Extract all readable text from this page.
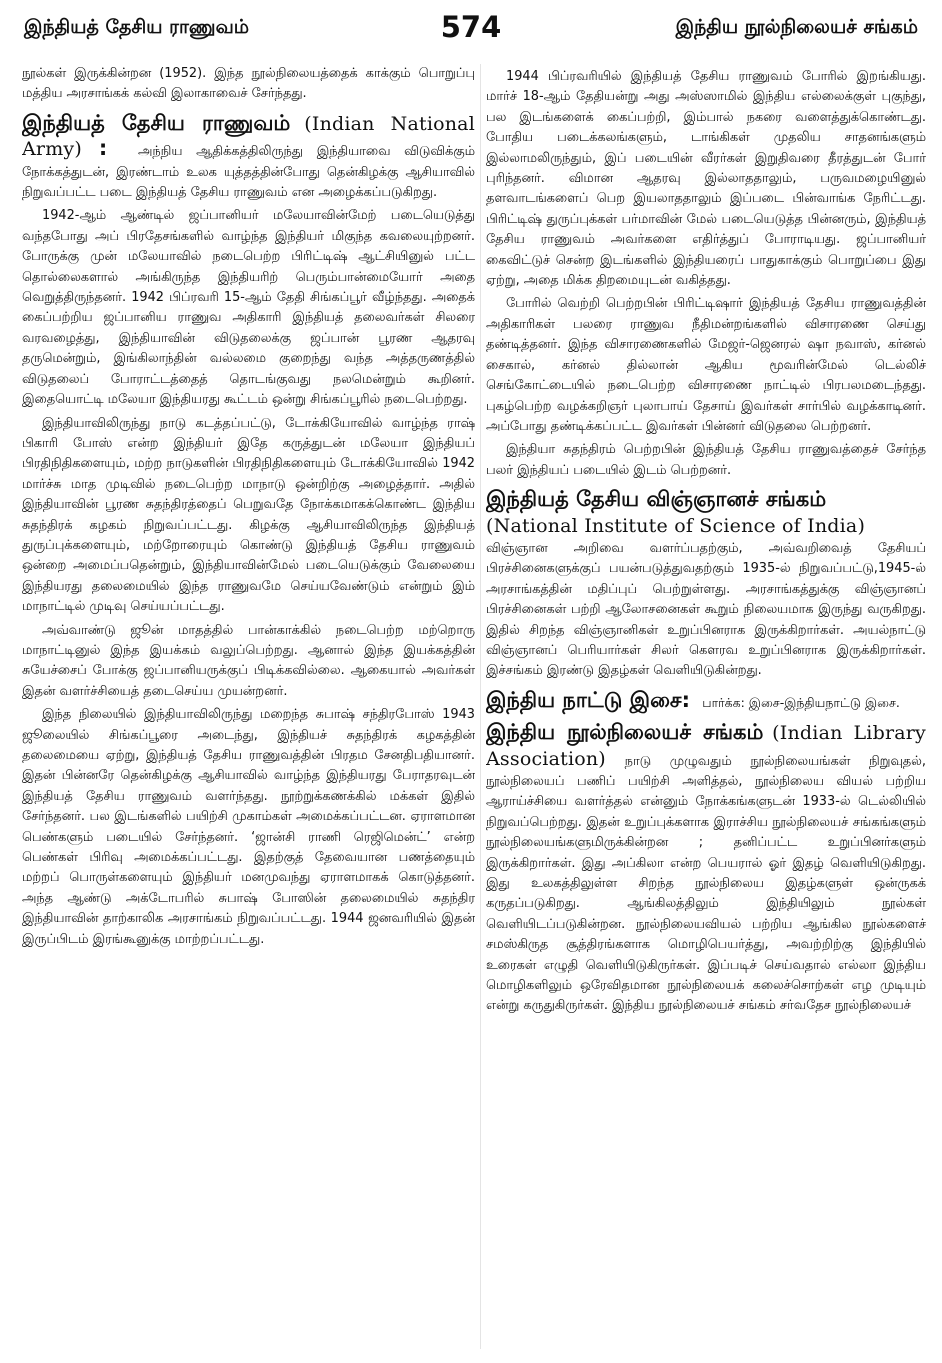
இந்தியத் தேசிய ராணுவம்	574	இந்திய நூல்நிலையச் சங்கம்

நூல்கள் இருக்கின்றன (1952). இந்த நூல்நிலையத்தைக் காக்கும் பொறுப்பு மத்திய அரசாங்கக் கல்வி இலாகாவைச் சேர்ந்தது.

இந்தியத் தேசிய ராணுவம் (Indian National Army) :  அந்நிய ஆதிக்கத்திலிருந்து இந்தியாவை விடுவிக்கும் நோக்கத்துடன், இரண்டாம் உலக யுத்தத்தின்போது தென்கிழக்கு ஆசியாவில் நிறுவப்பட்ட படை இந்தியத் தேசிய ராணுவம் என அழைக்கப்படுகிறது.

1942-ஆம் ஆண்டில் ஜப்பானியர் மலேயாவின்மேற் படையெடுத்து வந்தபோது அப் பிரதேசங்களில் வாழ்ந்த இந்தியர் மிகுந்த கவலையுற்றனர். போருக்கு முன் மலேயாவில் நடைபெற்ற பிரிட்டிஷ் ஆட்சியினுல் பட்ட தொல்லைகளால் அங்கிருந்த இந்தியரிற் பெரும்பான்மையோர் அதை வெறுத்திருந்தனர். 1942 பிப்ரவரி 15-ஆம் தேதி சிங்கப்பூர் வீழ்ந்தது. அதைக் கைப்பற்றிய ஜப்பானிய ராணுவ அதிகாரி இந்தியத் தலைவர்கள் சிலரை வரவழைத்து, இந்தியாவின் விடுதலைக்கு ஜப்பான் பூரண ஆதரவு தருமென்றும், இங்கிலாந்தின் வல்லமை குறைந்து வந்த அத்தருணத்தில் விடுதலைப் போராட்டத்தைத் தொடங்குவது நலமென்றும் கூறினர். இதையொட்டி மலேயா இந்தியரது கூட்டம் ஒன்று சிங்கப்பூரில் நடைபெற்றது.

இந்தியாவிலிருந்து நாடு கடத்தப்பட்டு, டோக்கியோவில் வாழ்ந்த ராஷ் பிகாரி போஸ் என்ற இந்தியர் இதே கருத்துடன் மலேயா இந்தியப் பிரதிநிதிகளையும், மற்ற நாடுகளின் பிரதிநிதிகளையும் டோக்கியோவில் 1942 மார்ச்சு மாத முடிவில் நடைபெற்ற மாநாடு ஒன்றிற்கு அழைத்தார். அதில் இந்தியாவின் பூரண சுதந்திரத்தைப் பெறுவதே நோக்கமாகக்கொண்ட இந்திய சுதந்திரக் கழகம் நிறுவப்பட்டது. கிழக்கு ஆசியாவிலிருந்த இந்தியத் துருப்புக்களையும், மற்றோரையும் கொண்டு இந்தியத் தேசிய ராணுவம் ஒன்றை அமைப்பதென்றும், இந்தியாவின்மேல் படையெடுக்கும் வேலையை இந்தியரது தலைமையில் இந்த ராணுவமே செய்யவேண்டும் என்றும் இம் மாநாட்டில் முடிவு செய்யப்பட்டது.

அவ்வாண்டு ஜூன் மாதத்தில் பான்காக்கில் நடைபெற்ற மற்றொரு மாநாட்டினுல் இந்த இயக்கம் வலுப்பெற்றது. ஆனால் இந்த இயக்கத்தின் சுயேச்சைப் போக்கு ஜப்பானியருக்குப் பிடிக்கவில்லை. ஆகையால் அவர்கள் இதன் வளர்ச்சியைத் தடைசெய்ய முயன்றனர்.

இந்த நிலையில் இந்தியாவிலிருந்து மறைந்த சுபாஷ் சந்திரபோஸ் 1943 ஜூலையில் சிங்கப்பூரை அடைந்து, இந்தியச் சுதந்திரக் கழகத்தின் தலைமையை ஏற்று, இந்தியத் தேசிய ராணுவத்தின் பிரதம சேனதிபதியானர். இதன் பின்னரே தென்கிழக்கு ஆசியாவில் வாழ்ந்த இந்தியரது பேராதரவுடன் இந்தியத் தேசிய ராணுவம் வளர்ந்தது. நூற்றுக்கணக்கில் மக்கள் இதில் சேர்ந்தனர். பல இடங்களில் பயிற்சி முகாம்கள் அமைக்கப்பட்டன. ஏராளமான பெண்களும் படையில் சேர்ந்தனர். ‘ஜான்சி ராணி ரெஜிமென்ட்’ என்ற பெண்கள் பிரிவு அமைக்கப்பட்டது. இதற்குத் தேவையான பணத்தையும் மற்றப் பொருள்களையும் இந்தியர் மனமுவந்து ஏராளமாகக் கொடுத்தனர். அந்த ஆண்டு அக்டோபரில் சுபாஷ் போஸின் தலைமையில் சுதந்திர இந்தியாவின் தாற்காலிக அரசாங்கம் நிறுவப்பட்டது. 1944 ஜனவரியில் இதன் இருப்பிடம் இரங்கூனுக்கு மாற்றப்பட்டது.

1944 பிப்ரவரியில் இந்தியத் தேசிய ராணுவம் போரில் இறங்கியது. மார்ச் 18-ஆம் தேதியன்று அது அஸ்ஸாமில் இந்திய எல்லைக்குள் புகுந்து, பல இடங்களைக் கைப்பற்றி, இம்பால் நகரை வளைத்துக்கொண்டது. போதிய படைக்கலங்களும், டாங்கிகள் முதலிய சாதனங்களும் இல்லாமலிருந்தும், இப் படையின் வீரர்கள் இறுதிவரை தீரத்துடன் போர் புரிந்தனர். விமான ஆதரவு இல்லாததாலும், பருவமழையினுல் தளவாடங்களைப் பெற இயலாததாலும் இப்படை பின்வாங்க நேரிட்டது. பிரிட்டிஷ் துருப்புக்கள் பர்மாவின் மேல் படையெடுத்த பின்னரும், இந்தியத் தேசிய ராணுவம் அவர்களை எதிர்த்துப் போராடியது. ஜப்பானியர் கைவிட்டுச் சென்ற இடங்களில் இந்தியரைப் பாதுகாக்கும் பொறுப்பை இது ஏற்று, அதை மிக்க திறமையுடன் வகித்தது.

போரில் வெற்றி பெற்றபின் பிரிட்டிஷார் இந்தியத் தேசிய ராணுவத்தின் அதிகாரிகள் பலரை ராணுவ நீதிமன்றங்களில் விசாரணை செய்து தண்டித்தனர். இந்த விசாரணைகளில் மேஜர்-ஜெனரல் ஷா நவாஸ், கர்னல் சைகால், கர்னல் தில்லான் ஆகிய மூவரின்மேல் டெல்லிச் செங்கோட்டையில் நடைபெற்ற விசாரணை நாட்டில் பிரபலமடைந்தது. புகழ்பெற்ற வழக்கறிஞர் புலாபாய் தேசாய் இவர்கள் சார்பில் வழக்காடினர். அப்போது தண்டிக்கப்பட்ட இவர்கள் பின்னர் விடுதலை பெற்றனர்.

இந்தியா சுதந்திரம் பெற்றபின் இந்தியத் தேசிய ராணுவத்தைச் சேர்ந்த பலர் இந்தியப் படையில் இடம் பெற்றனர்.

இந்தியத் தேசிய விஞ்ஞானச் சங்கம்
(National Institute of Science of India)
விஞ்ஞான அறிவை வளர்ப்பதற்கும், அவ்வறிவைத் தேசியப் பிரச்சினைகளுக்குப் பயன்படுத்துவதற்கும் 1935-ல் நிறுவப்பட்டு,1945-ல் அரசாங்கத்தின் மதிப்புப் பெற்றுள்ளது. அரசாங்கத்துக்கு விஞ்ஞானப் பிரச்சினைகள் பற்றி ஆலோசனைகள் கூறும் நிலையமாக இருந்து வருகிறது. இதில் சிறந்த விஞ்ஞானிகள் உறுப்பினராக இருக்கிறார்கள். அயல்நாட்டு விஞ்ஞானப் பெரியார்கள் சிலர் கௌரவ உறுப்பினராக இருக்கிறார்கள். இச்சங்கம் இரண்டு இதழ்கள் வெளியிடுகின்றது.

இந்திய நாட்டு இசை: பார்க்க: இசை-இந்தியநாட்டு இசை.

இந்திய நூல்நிலையச் சங்கம் (Indian Library Association) நாடு முழுவதும் நூல்நிலையங்கள் நிறுவுதல், நூல்நிலையப் பணிப் பயிற்சி அளித்தல், நூல்நிலைய வியல் பற்றிய ஆராய்ச்சியை வளர்த்தல் என்னும் நோக்கங்களுடன் 1933-ல் டெல்லியில் நிறுவப்பெற்றது. இதன் உறுப்புக்களாக இராச்சிய நூல்நிலையச் சங்கங்களும் நூல்நிலையங்களுமிருக்கின்றன ; தனிப்பட்ட உறுப்பினர்களும் இருக்கிறார்கள். இது அப்கிலா என்ற பெயரால் ஓர் இதழ் வெளியிடுகிறது. இது உலகத்திலுள்ள சிறந்த நூல்நிலைய இதழ்களுள் ஒன்ருகக் கருதப்படுகிறது. ஆங்கிலத்திலும் இந்தியிலும் நூல்கள் வெளியிடப்படுகின்றன. நூல்நிலையவியல் பற்றிய ஆங்கில நூல்களைச் சமஸ்கிருத சூத்திரங்களாக மொழிபெயர்த்து, அவற்றிற்கு இந்தியில் உரைகள் எழுதி வெளியிடுகிருர்கள். இப்படிச் செய்வதால் எல்லா இந்திய மொழிகளிலும் ஒரேவிதமான நூல்நிலையக் கலைச்சொற்கள் எழ முடியும் என்று கருதுகிருர்கள். இந்திய நூல்நிலையச் சங்கம் சர்வதேச நூல்நிலையச்
